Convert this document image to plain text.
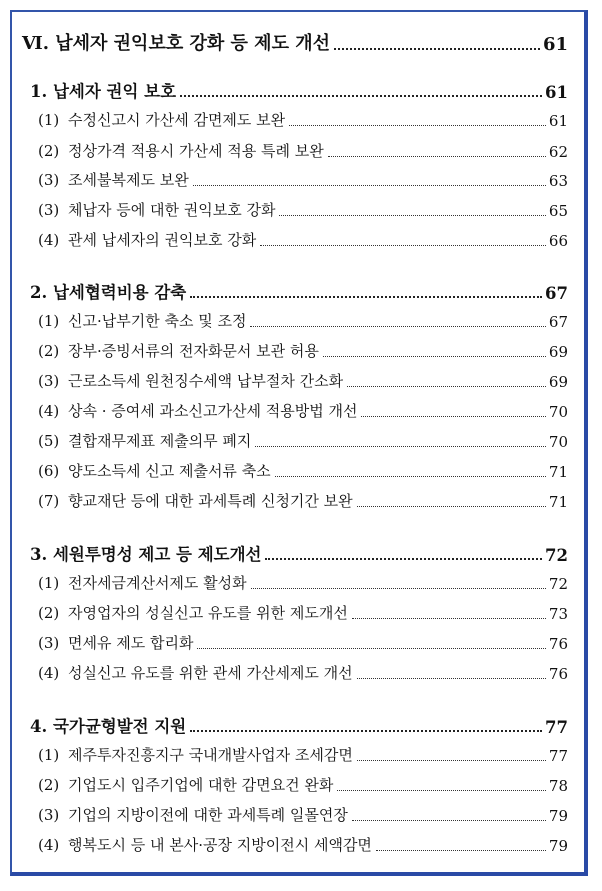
Ⅵ. 납세자 권익보호 강화 등 제도 개선	61
1. 납세자 권익 보호	61
(1) 수정신고시 가산세 감면제도 보완	61
(2) 정상가격 적용시 가산세 적용 특례 보완	62
(3) 조세불복제도 보완	63
(3) 체납자 등에 대한 권익보호 강화	65
(4) 관세 납세자의 권익보호 강화	66
2. 납세협력비용 감축	67
(1) 신고·납부기한 축소 및 조정	67
(2) 장부·증빙서류의 전자화문서 보관 허용	69
(3) 근로소득세 원천징수세액 납부절차 간소화	69
(4) 상속 · 증여세 과소신고가산세 적용방법 개선	70
(5) 결합재무제표 제출의무 폐지	70
(6) 양도소득세 신고 제출서류 축소	71
(7) 향교재단 등에 대한 과세특례 신청기간 보완	71
3. 세원투명성 제고 등 제도개선	72
(1) 전자세금계산서제도 활성화	72
(2) 자영업자의 성실신고 유도를 위한 제도개선	73
(3) 면세유 제도 합리화	76
(4) 성실신고 유도를 위한 관세 가산세제도 개선	76
4. 국가균형발전 지원	77
(1) 제주투자진흥지구 국내개발사업자 조세감면	77
(2) 기업도시 입주기업에 대한 감면요건 완화	78
(3) 기업의 지방이전에 대한 과세특례 일몰연장	79
(4) 행복도시 등 내 본사·공장 지방이전시 세액감면	79
